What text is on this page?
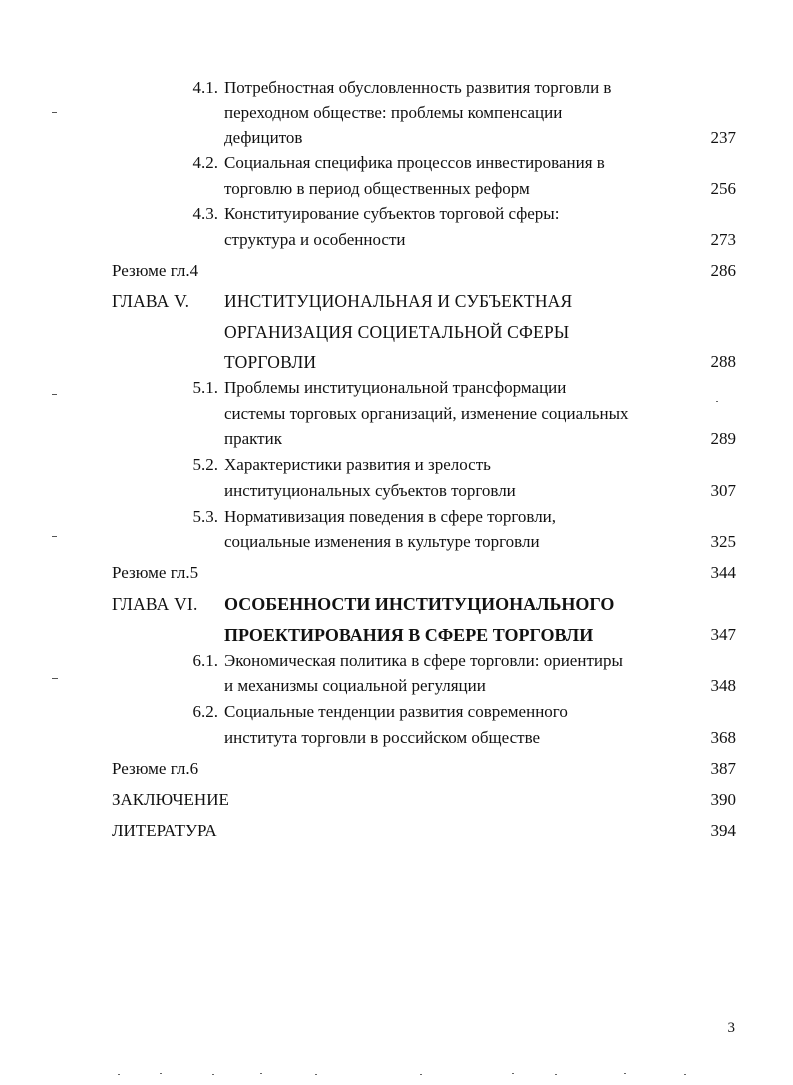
4.1. Потребностная обусловленность развития торговли в
переходном обществе: проблемы компенсации
дефицитов	237
4.2. Социальная специфика процессов инвестирования в
торговлю в период общественных реформ	256
4.3. Конституирование субъектов торговой сферы:
структура и особенности	273
Резюме гл.4	286
ГЛАВА V. ИНСТИТУЦИОНАЛЬНАЯ И СУБЪЕКТНАЯ
ОРГАНИЗАЦИЯ СОЦИЕТАЛЬНОЙ СФЕРЫ
ТОРГОВЛИ	288
5.1. Проблемы институциональной трансформации
системы торговых организаций, изменение социальных
практик	289
5.2. Характеристики развития и зрелость
институциональных субъектов торговли	307
5.3. Нормативизация поведения в сфере торговли,
социальные изменения в культуре торговли	325
Резюме гл.5	344
ГЛАВА VI. ОСОБЕННОСТИ ИНСТИТУЦИОНАЛЬНОГО
ПРОЕКТИРОВАНИЯ В СФЕРЕ ТОРГОВЛИ	347
6.1. Экономическая политика в сфере торговли: ориентиры
и механизмы социальной регуляции	348
6.2. Социальные тенденции развития современного
института торговли в российском обществе	368
Резюме гл.6	387
ЗАКЛЮЧЕНИЕ	390
ЛИТЕРАТУРА	394
3
